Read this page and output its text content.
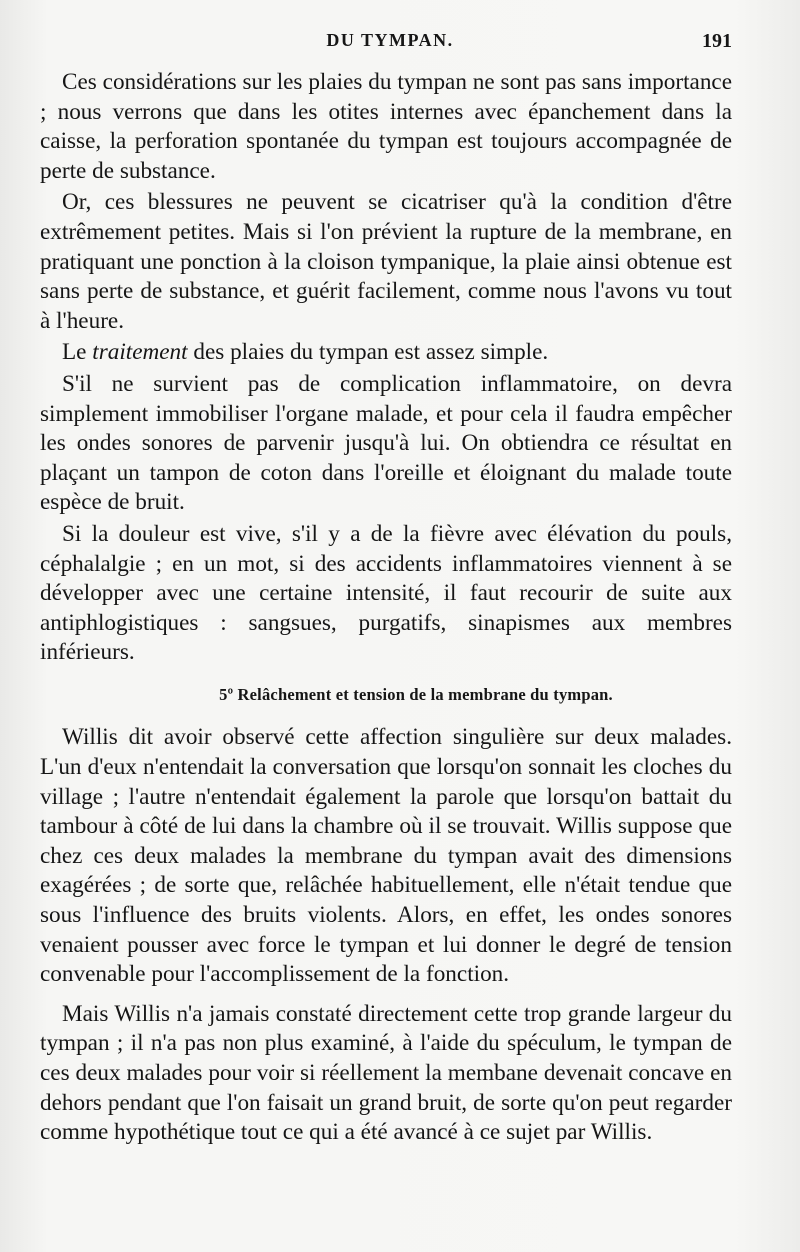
DU TYMPAN.	191

Ces considérations sur les plaies du tympan ne sont pas sans importance ; nous verrons que dans les otites internes avec épanchement dans la caisse, la perforation spontanée du tympan est toujours accompagnée de perte de substance.

Or, ces blessures ne peuvent se cicatriser qu'à la condition d'être extrêmement petites. Mais si l'on prévient la rupture de la membrane, en pratiquant une ponction à la cloison tympanique, la plaie ainsi obtenue est sans perte de substance, et guérit facilement, comme nous l'avons vu tout à l'heure.

Le traitement des plaies du tympan est assez simple.

S'il ne survient pas de complication inflammatoire, on devra simplement immobiliser l'organe malade, et pour cela il faudra empêcher les ondes sonores de parvenir jusqu'à lui. On obtiendra ce résultat en plaçant un tampon de coton dans l'oreille et éloignant du malade toute espèce de bruit.

Si la douleur est vive, s'il y a de la fièvre avec élévation du pouls, céphalalgie ; en un mot, si des accidents inflammatoires viennent à se développer avec une certaine intensité, il faut recourir de suite aux antiphlogistiques : sangsues, purgatifs, sinapismes aux membres inférieurs.

5º Relâchement et tension de la membrane du tympan.

Willis dit avoir observé cette affection singulière sur deux malades. L'un d'eux n'entendait la conversation que lorsqu'on sonnait les cloches du village ; l'autre n'entendait également la parole que lorsqu'on battait du tambour à côté de lui dans la chambre où il se trouvait. Willis suppose que chez ces deux malades la membrane du tympan avait des dimensions exagérées ; de sorte que, relâchée habituellement, elle n'était tendue que sous l'influence des bruits violents. Alors, en effet, les ondes sonores venaient pousser avec force le tympan et lui donner le degré de tension convenable pour l'accomplissement de la fonction.

Mais Willis n'a jamais constaté directement cette trop grande largeur du tympan ; il n'a pas non plus examiné, à l'aide du spéculum, le tympan de ces deux malades pour voir si réellement la membane devenait concave en dehors pendant que l'on faisait un grand bruit, de sorte qu'on peut regarder comme hypothétique tout ce qui a été avancé à ce sujet par Willis.
